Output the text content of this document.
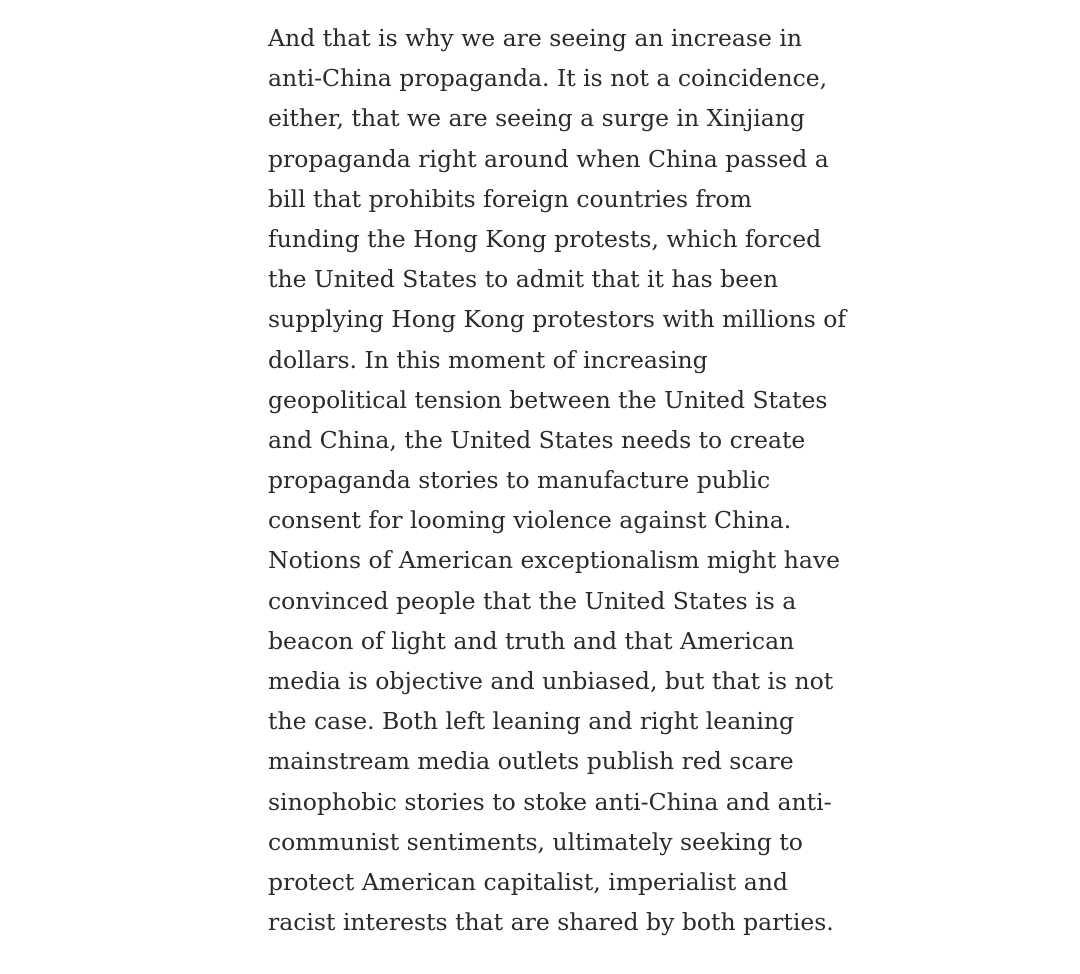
And that is why we are seeing an increase in
anti-China propaganda. It is not a coincidence,
either, that we are seeing a surge in Xinjiang
propaganda right around when China passed a
bill that prohibits foreign countries from
funding the Hong Kong protests, which forced
the United States to admit that it has been
supplying Hong Kong protestors with millions of
dollars. In this moment of increasing
geopolitical tension between the United States
and China, the United States needs to create
propaganda stories to manufacture public
consent for looming violence against China.
Notions of American exceptionalism might have
convinced people that the United States is a
beacon of light and truth and that American
media is objective and unbiased, but that is not
the case. Both left leaning and right leaning
mainstream media outlets publish red scare
sinophobic stories to stoke anti-China and anti-
communist sentiments, ultimately seeking to
protect American capitalist, imperialist and
racist interests that are shared by both parties.
